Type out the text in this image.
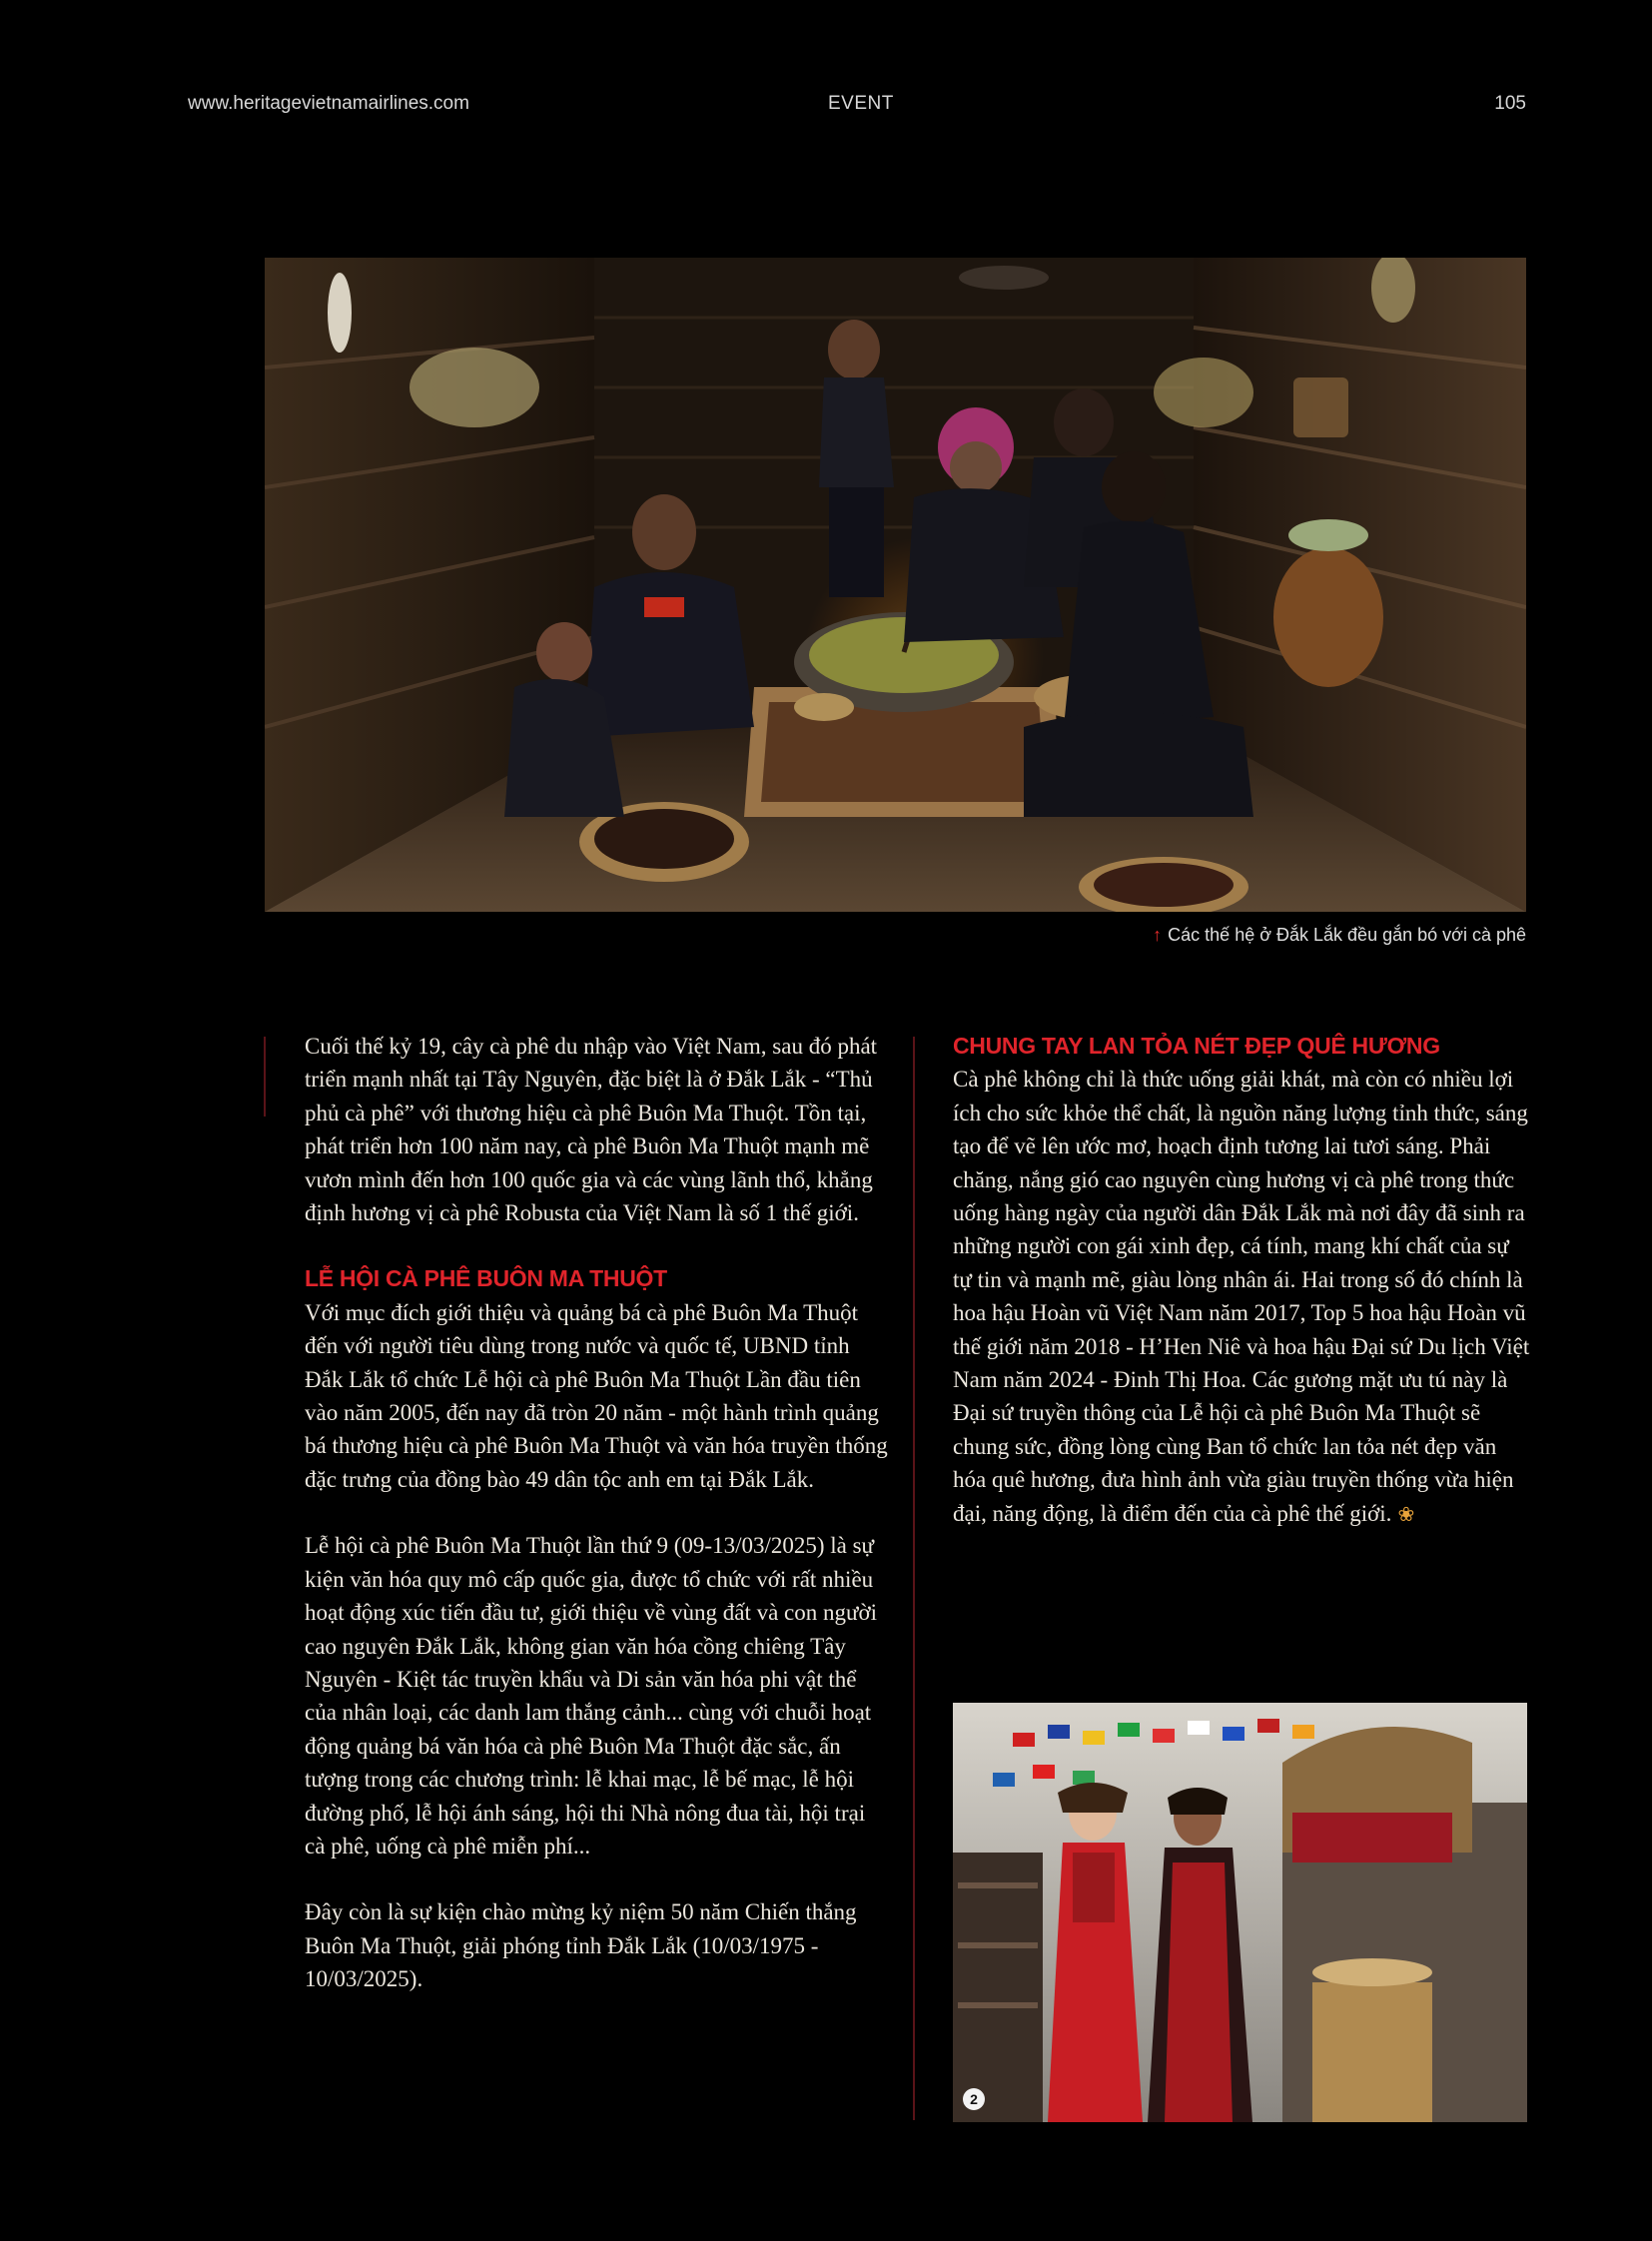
www.heritagevietnamairlines.com	EVENT	105
↑ Các thế hệ ở Đắk Lắk đều gắn bó với cà phê

Cuối thế kỷ 19, cây cà phê du nhập vào Việt Nam, sau đó phát triển mạnh nhất tại Tây Nguyên, đặc biệt là ở Đắk Lắk - “Thủ phủ cà phê” với thương hiệu cà phê Buôn Ma Thuột. Tồn tại, phát triển hơn 100 năm nay, cà phê Buôn Ma Thuột mạnh mẽ vươn mình đến hơn 100 quốc gia và các vùng lãnh thổ, khẳng định hương vị cà phê Robusta của Việt Nam là số 1 thế giới.

LỄ HỘI CÀ PHÊ BUÔN MA THUỘT

Với mục đích giới thiệu và quảng bá cà phê Buôn Ma Thuột đến với người tiêu dùng trong nước và quốc tế, UBND tỉnh Đắk Lắk tổ chức Lễ hội cà phê Buôn Ma Thuột Lần đầu tiên vào năm 2005, đến nay đã tròn 20 năm - một hành trình quảng bá thương hiệu cà phê Buôn Ma Thuột và văn hóa truyền thống đặc trưng của đồng bào 49 dân tộc anh em tại Đắk Lắk.

Lễ hội cà phê Buôn Ma Thuột lần thứ 9 (09-13/03/2025) là sự kiện văn hóa quy mô cấp quốc gia, được tổ chức với rất nhiều hoạt động xúc tiến đầu tư, giới thiệu về vùng đất và con người cao nguyên Đắk Lắk, không gian văn hóa cồng chiêng Tây Nguyên - Kiệt tác truyền khẩu và Di sản văn hóa phi vật thể của nhân loại, các danh lam thắng cảnh... cùng với chuỗi hoạt động quảng bá văn hóa cà phê Buôn Ma Thuột đặc sắc, ấn tượng trong các chương trình: lễ khai mạc, lễ bế mạc, lễ hội đường phố, lễ hội ánh sáng, hội thi Nhà nông đua tài, hội trại cà phê, uống cà phê miễn phí...

Đây còn là sự kiện chào mừng kỷ niệm 50 năm Chiến thắng Buôn Ma Thuột, giải phóng tỉnh Đắk Lắk (10/03/1975 - 10/03/2025).

CHUNG TAY LAN TỎA NÉT ĐẸP QUÊ HƯƠNG

Cà phê không chỉ là thức uống giải khát, mà còn có nhiều lợi ích cho sức khỏe thể chất, là nguồn năng lượng tỉnh thức, sáng tạo để vẽ lên ước mơ, hoạch định tương lai tươi sáng. Phải chăng, nắng gió cao nguyên cùng hương vị cà phê trong thức uống hàng ngày của người dân Đắk Lắk mà nơi đây đã sinh ra những người con gái xinh đẹp, cá tính, mang khí chất của sự tự tin và mạnh mẽ, giàu lòng nhân ái. Hai trong số đó chính là hoa hậu Hoàn vũ Việt Nam năm 2017, Top 5 hoa hậu Hoàn vũ thế giới năm 2018 - H’Hen Niê và hoa hậu Đại sứ Du lịch Việt Nam năm 2024 - Đinh Thị Hoa. Các gương mặt ưu tú này là Đại sứ truyền thông của Lễ hội cà phê Buôn Ma Thuột sẽ chung sức, đồng lòng cùng Ban tổ chức lan tỏa nét đẹp văn hóa quê hương, đưa hình ảnh vừa giàu truyền thống vừa hiện đại, năng động, là điểm đến của cà phê thế giới. ❀

2
